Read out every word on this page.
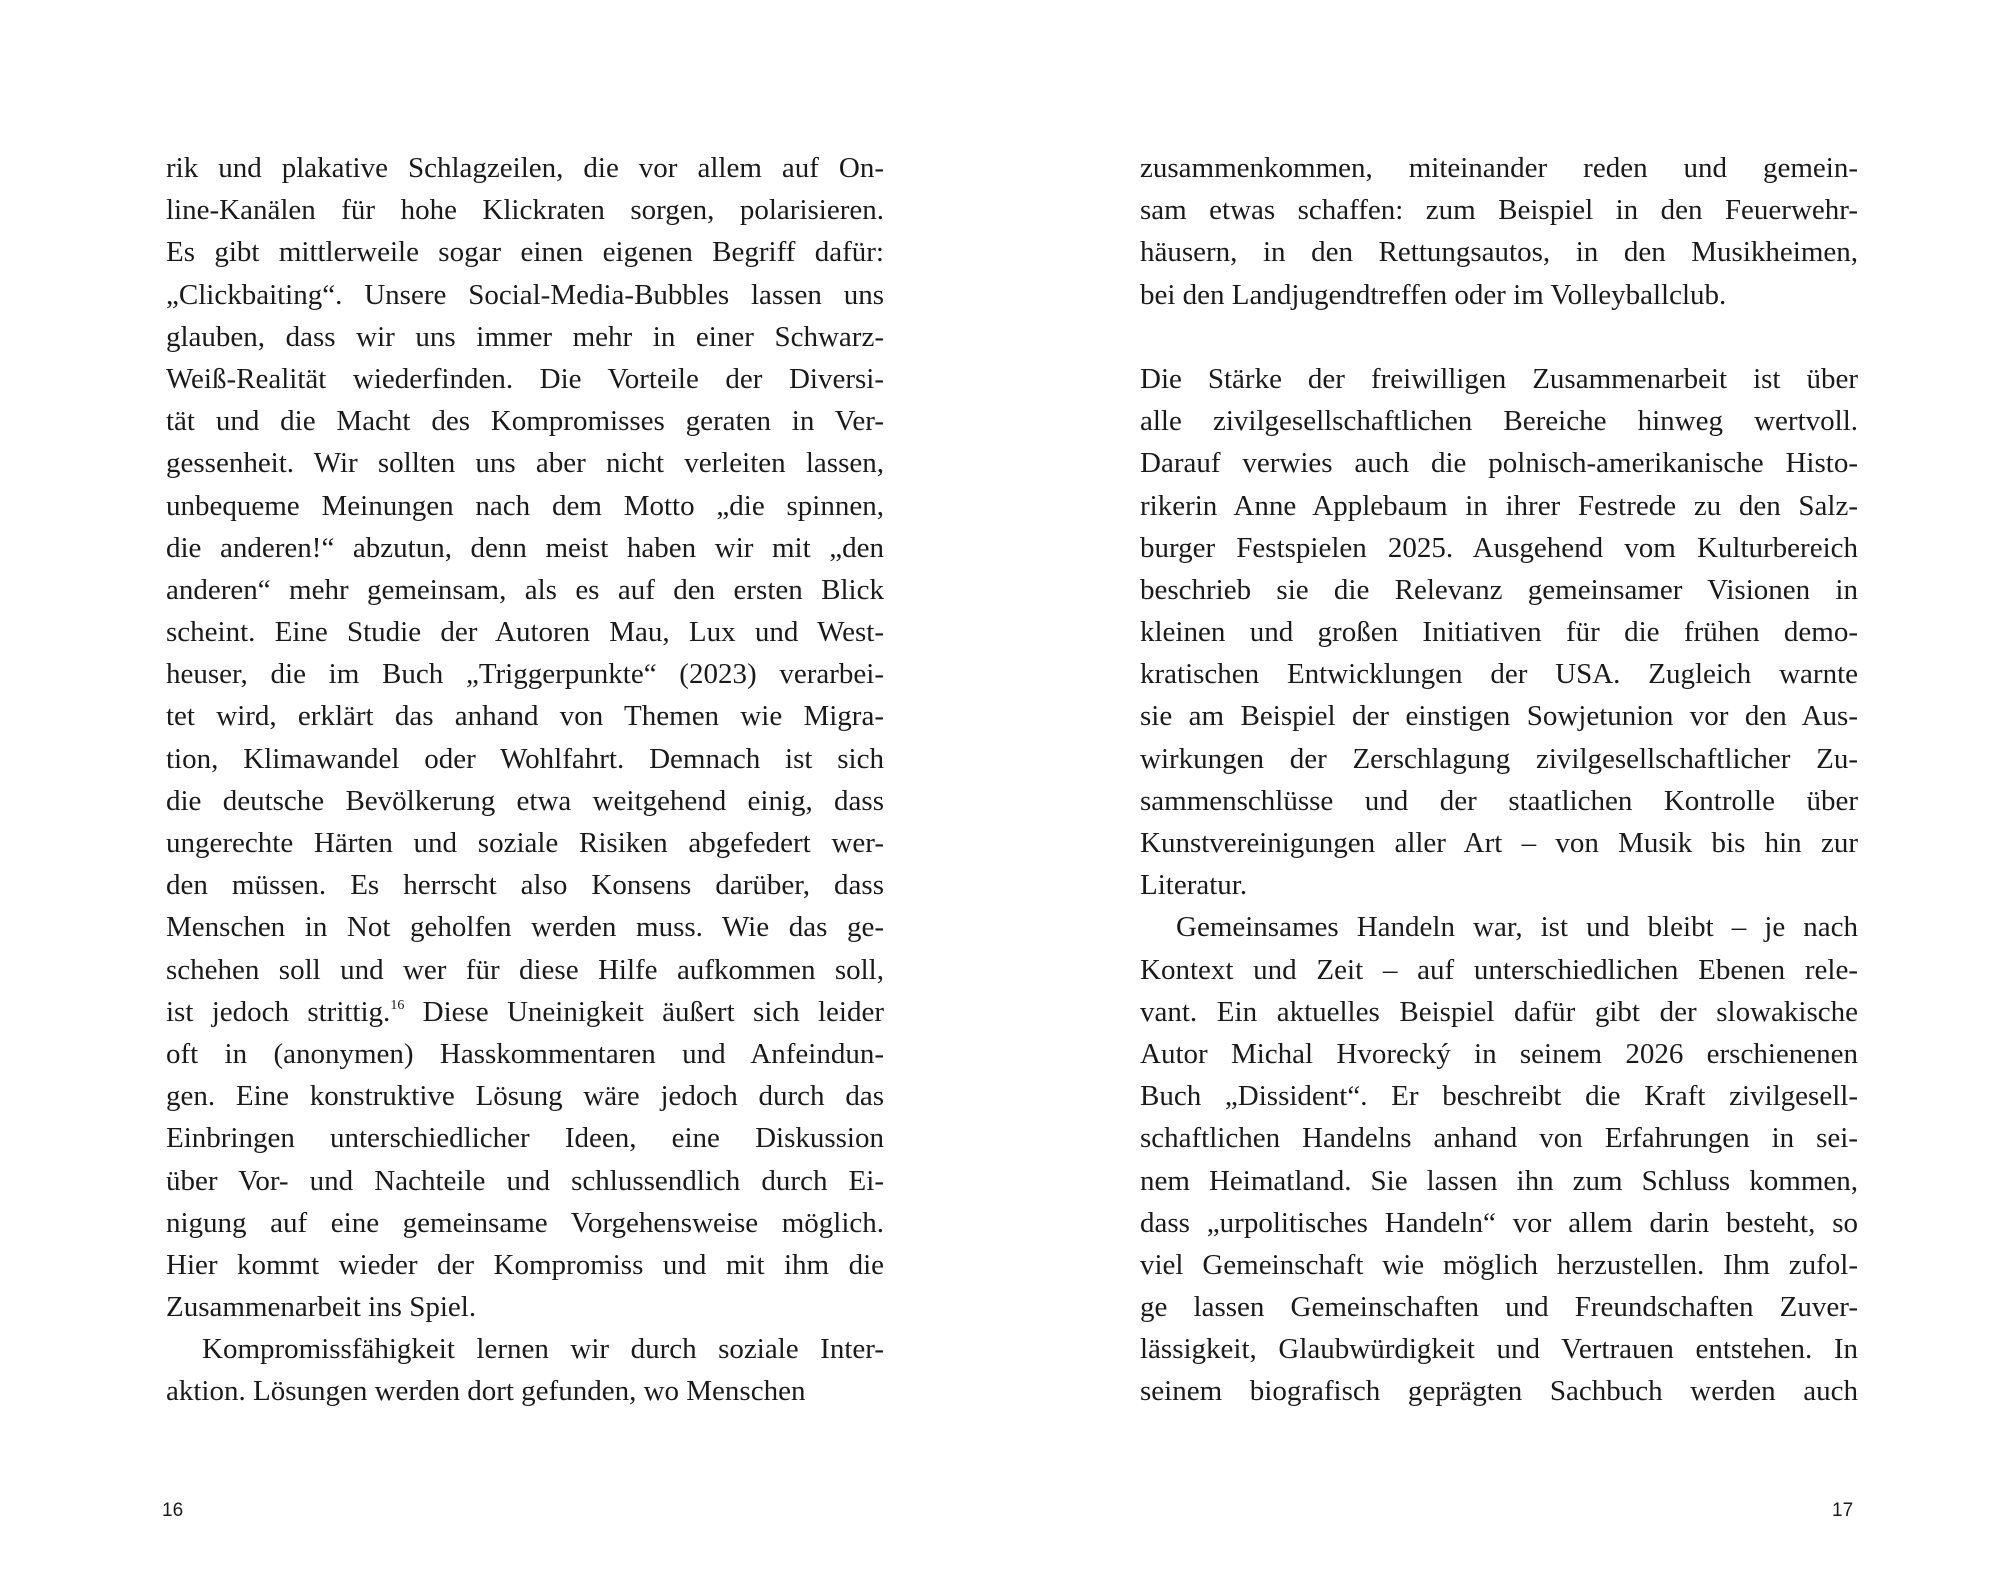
rik und plakative Schlagzeilen, die vor allem auf On-
line-Kanälen für hohe Klickraten sorgen, polarisieren.
Es gibt mittlerweile sogar einen eigenen Begriff dafür:
„Clickbaiting“. Unsere Social-Media-Bubbles lassen uns
glauben, dass wir uns immer mehr in einer Schwarz-
Weiß-Realität wiederfinden. Die Vorteile der Diversi-
tät und die Macht des Kompromisses geraten in Ver-
gessenheit. Wir sollten uns aber nicht verleiten lassen,
unbequeme Meinungen nach dem Motto „die spinnen,
die anderen!“ abzutun, denn meist haben wir mit „den
anderen“ mehr gemeinsam, als es auf den ersten Blick
scheint. Eine Studie der Autoren Mau, Lux und West-
heuser, die im Buch „Triggerpunkte“ (2023) verarbei-
tet wird, erklärt das anhand von Themen wie Migra-
tion, Klimawandel oder Wohlfahrt. Demnach ist sich
die deutsche Bevölkerung etwa weitgehend einig, dass
ungerechte Härten und soziale Risiken abgefedert wer-
den müssen. Es herrscht also Konsens darüber, dass
Menschen in Not geholfen werden muss. Wie das ge-
schehen soll und wer für diese Hilfe aufkommen soll,
ist jedoch strittig.$^{16}$ Diese Uneinigkeit äußert sich leider
oft in (anonymen) Hasskommentaren und Anfeindun-
gen. Eine konstruktive Lösung wäre jedoch durch das
Einbringen unterschiedlicher Ideen, eine Diskussion
über Vor- und Nachteile und schlussendlich durch Ei-
nigung auf eine gemeinsame Vorgehensweise möglich.
Hier kommt wieder der Kompromiss und mit ihm die
Zusammenarbeit ins Spiel.
Kompromissfähigkeit lernen wir durch soziale Inter-
aktion. Lösungen werden dort gefunden, wo Menschen
16
zusammenkommen, miteinander reden und gemein-
sam etwas schaffen: zum Beispiel in den Feuerwehr-
häusern, in den Rettungsautos, in den Musikheimen,
bei den Landjugendtreffen oder im Volleyballclub.
Die Stärke der freiwilligen Zusammenarbeit ist über
alle zivilgesellschaftlichen Bereiche hinweg wertvoll.
Darauf verwies auch die polnisch-amerikanische Histo-
rikerin Anne Applebaum in ihrer Festrede zu den Salz-
burger Festspielen 2025. Ausgehend vom Kulturbereich
beschrieb sie die Relevanz gemeinsamer Visionen in
kleinen und großen Initiativen für die frühen demo-
kratischen Entwicklungen der USA. Zugleich warnte
sie am Beispiel der einstigen Sowjetunion vor den Aus-
wirkungen der Zerschlagung zivilgesellschaftlicher Zu-
sammenschlüsse und der staatlichen Kontrolle über
Kunstvereinigungen aller Art – von Musik bis hin zur
Literatur.
Gemeinsames Handeln war, ist und bleibt – je nach
Kontext und Zeit – auf unterschiedlichen Ebenen rele-
vant. Ein aktuelles Beispiel dafür gibt der slowakische
Autor Michal Hvorecký in seinem 2026 erschienenen
Buch „Dissident“. Er beschreibt die Kraft zivilgesell-
schaftlichen Handelns anhand von Erfahrungen in sei-
nem Heimatland. Sie lassen ihn zum Schluss kommen,
dass „urpolitisches Handeln“ vor allem darin besteht, so
viel Gemeinschaft wie möglich herzustellen. Ihm zufol-
ge lassen Gemeinschaften und Freundschaften Zuver-
lässigkeit, Glaubwürdigkeit und Vertrauen entstehen. In
seinem biografisch geprägten Sachbuch werden auch
17
